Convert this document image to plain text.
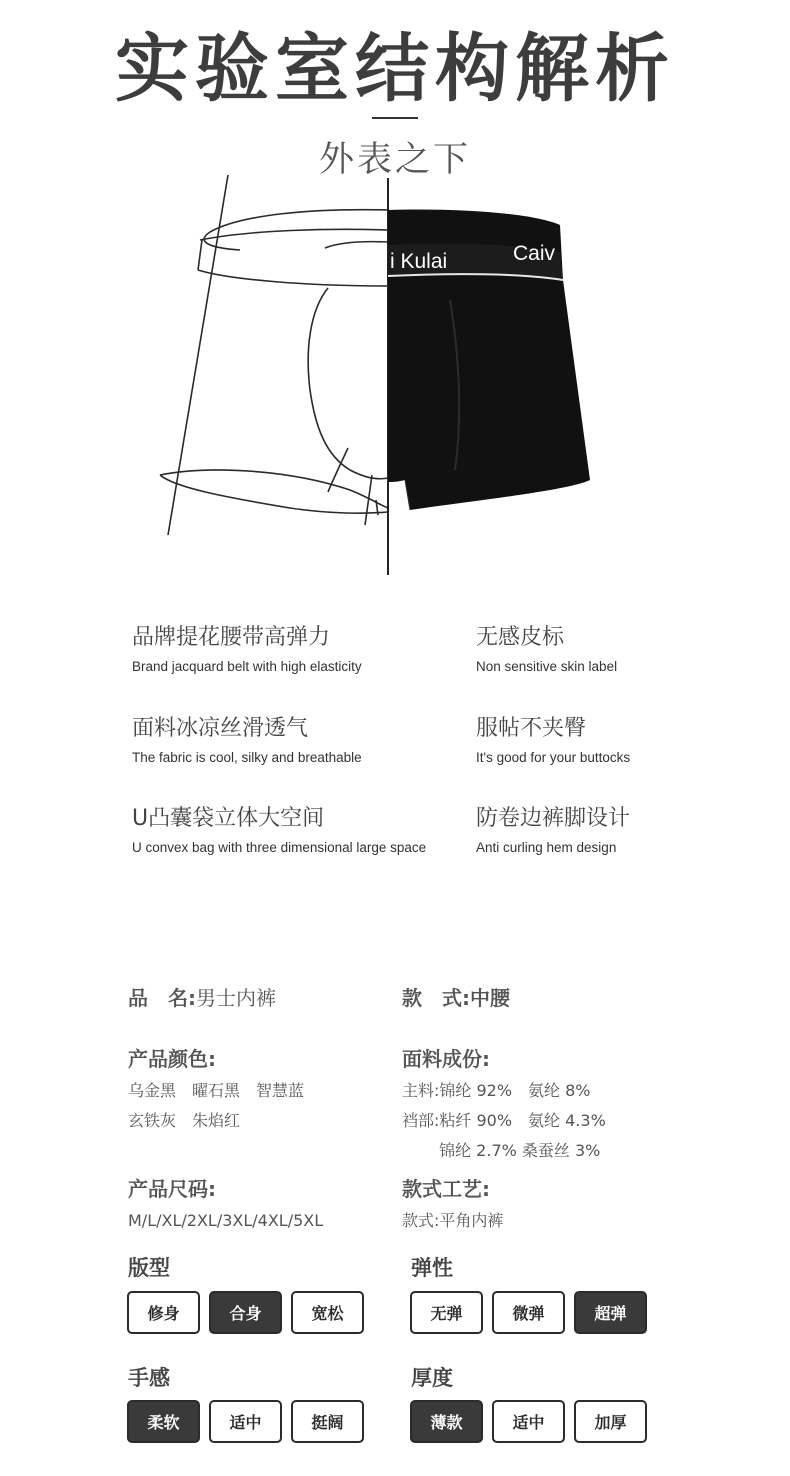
实验室结构解析
外表之下
i Kulai	Caiv
品牌提花腰带高弹力
Brand jacquard belt with high elasticity
无感皮标
Non sensitive skin label
面料冰凉丝滑透气
The fabric is cool, silky and breathable
服帖不夹臀
It's good for your buttocks
U凸囊袋立体大空间
U convex bag with three dimensional large space
防卷边裤脚设计
Anti curling hem design
品　名:男士内裤	款　式:中腰
产品颜色:
乌金黑　曜石黑　智慧蓝
玄铁灰　朱焰红
面料成份:
主料:锦纶 92%　氨纶 8%
裆部:粘纤 90%　氨纶 4.3%
　　 锦纶 2.7% 桑蚕丝 3%
产品尺码:
M/L/XL/2XL/3XL/4XL/5XL
款式工艺:
款式:平角内裤
版型
修身	合身	宽松
弹性
无弹	微弹	超弹
手感
柔软	适中	挺阔
厚度
薄款	适中	加厚
